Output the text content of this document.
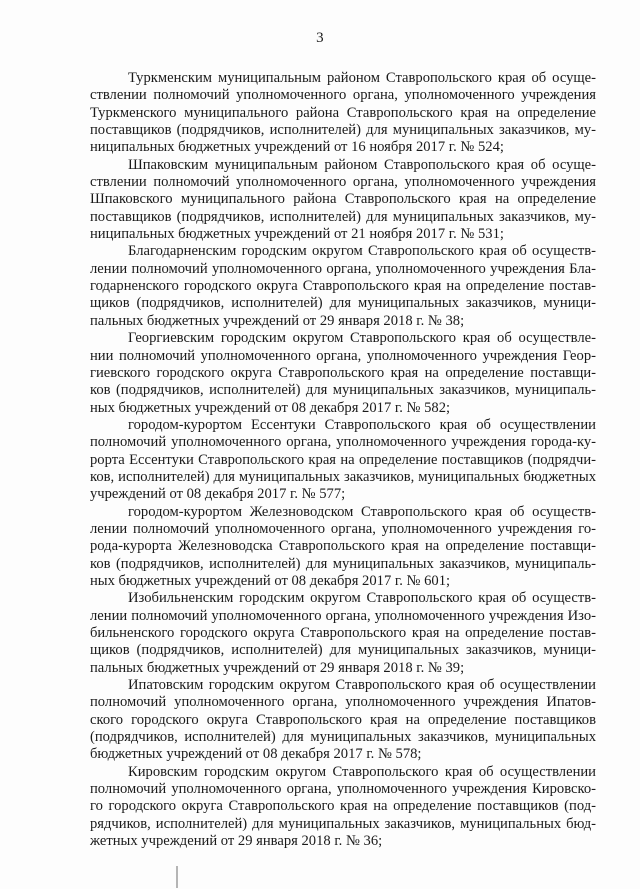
3
Туркменским муниципальным районом Ставропольского края об осуще-
ствлении полномочий уполномоченного органа, уполномоченного учреждения
Туркменского муниципального района Ставропольского края на определение
поставщиков (подрядчиков, исполнителей) для муниципальных заказчиков, му-
ниципальных бюджетных учреждений от 16 ноября 2017 г. № 524;
Шпаковским муниципальным районом Ставропольского края об осуще-
ствлении полномочий уполномоченного органа, уполномоченного учреждения
Шпаковского муниципального района Ставропольского края на определение
поставщиков (подрядчиков, исполнителей) для муниципальных заказчиков, му-
ниципальных бюджетных учреждений от 21 ноября 2017 г. № 531;
Благодарненским городским округом Ставропольского края об осуществ-
лении полномочий уполномоченного органа, уполномоченного учреждения Бла-
годарненского городского округа Ставропольского края на определение постав-
щиков (подрядчиков, исполнителей) для муниципальных заказчиков, муници-
пальных бюджетных учреждений от 29 января 2018 г. № 38;
Георгиевским городским округом Ставропольского края об осуществле-
нии полномочий уполномоченного органа, уполномоченного учреждения Геор-
гиевского городского округа Ставропольского края на определение поставщи-
ков (подрядчиков, исполнителей) для муниципальных заказчиков, муниципаль-
ных бюджетных учреждений от 08 декабря 2017 г. № 582;
городом-курортом Ессентуки Ставропольского края об осуществлении
полномочий уполномоченного органа, уполномоченного учреждения города-ку-
рорта Ессентуки Ставропольского края на определение поставщиков (подрядчи-
ков, исполнителей) для муниципальных заказчиков, муниципальных бюджетных
учреждений от 08 декабря 2017 г. № 577;
городом-курортом Железноводском Ставропольского края об осуществ-
лении полномочий уполномоченного органа, уполномоченного учреждения го-
рода-курорта Железноводска Ставропольского края на определение поставщи-
ков (подрядчиков, исполнителей) для муниципальных заказчиков, муниципаль-
ных бюджетных учреждений от 08 декабря 2017 г. № 601;
Изобильненским городским округом Ставропольского края об осуществ-
лении полномочий уполномоченного органа, уполномоченного учреждения Изо-
бильненского городского округа Ставропольского края на определение постав-
щиков (подрядчиков, исполнителей) для муниципальных заказчиков, муници-
пальных бюджетных учреждений от 29 января 2018 г. № 39;
Ипатовским городским округом Ставропольского края об осуществлении
полномочий уполномоченного органа, уполномоченного учреждения Ипатов-
ского городского округа Ставропольского края на определение поставщиков
(подрядчиков, исполнителей) для муниципальных заказчиков, муниципальных
бюджетных учреждений от 08 декабря 2017 г. № 578;
Кировским городским округом Ставропольского края об осуществлении
полномочий уполномоченного органа, уполномоченного учреждения Кировско-
го городского округа Ставропольского края на определение поставщиков (под-
рядчиков, исполнителей) для муниципальных заказчиков, муниципальных бюд-
жетных учреждений от 29 января 2018 г. № 36;
